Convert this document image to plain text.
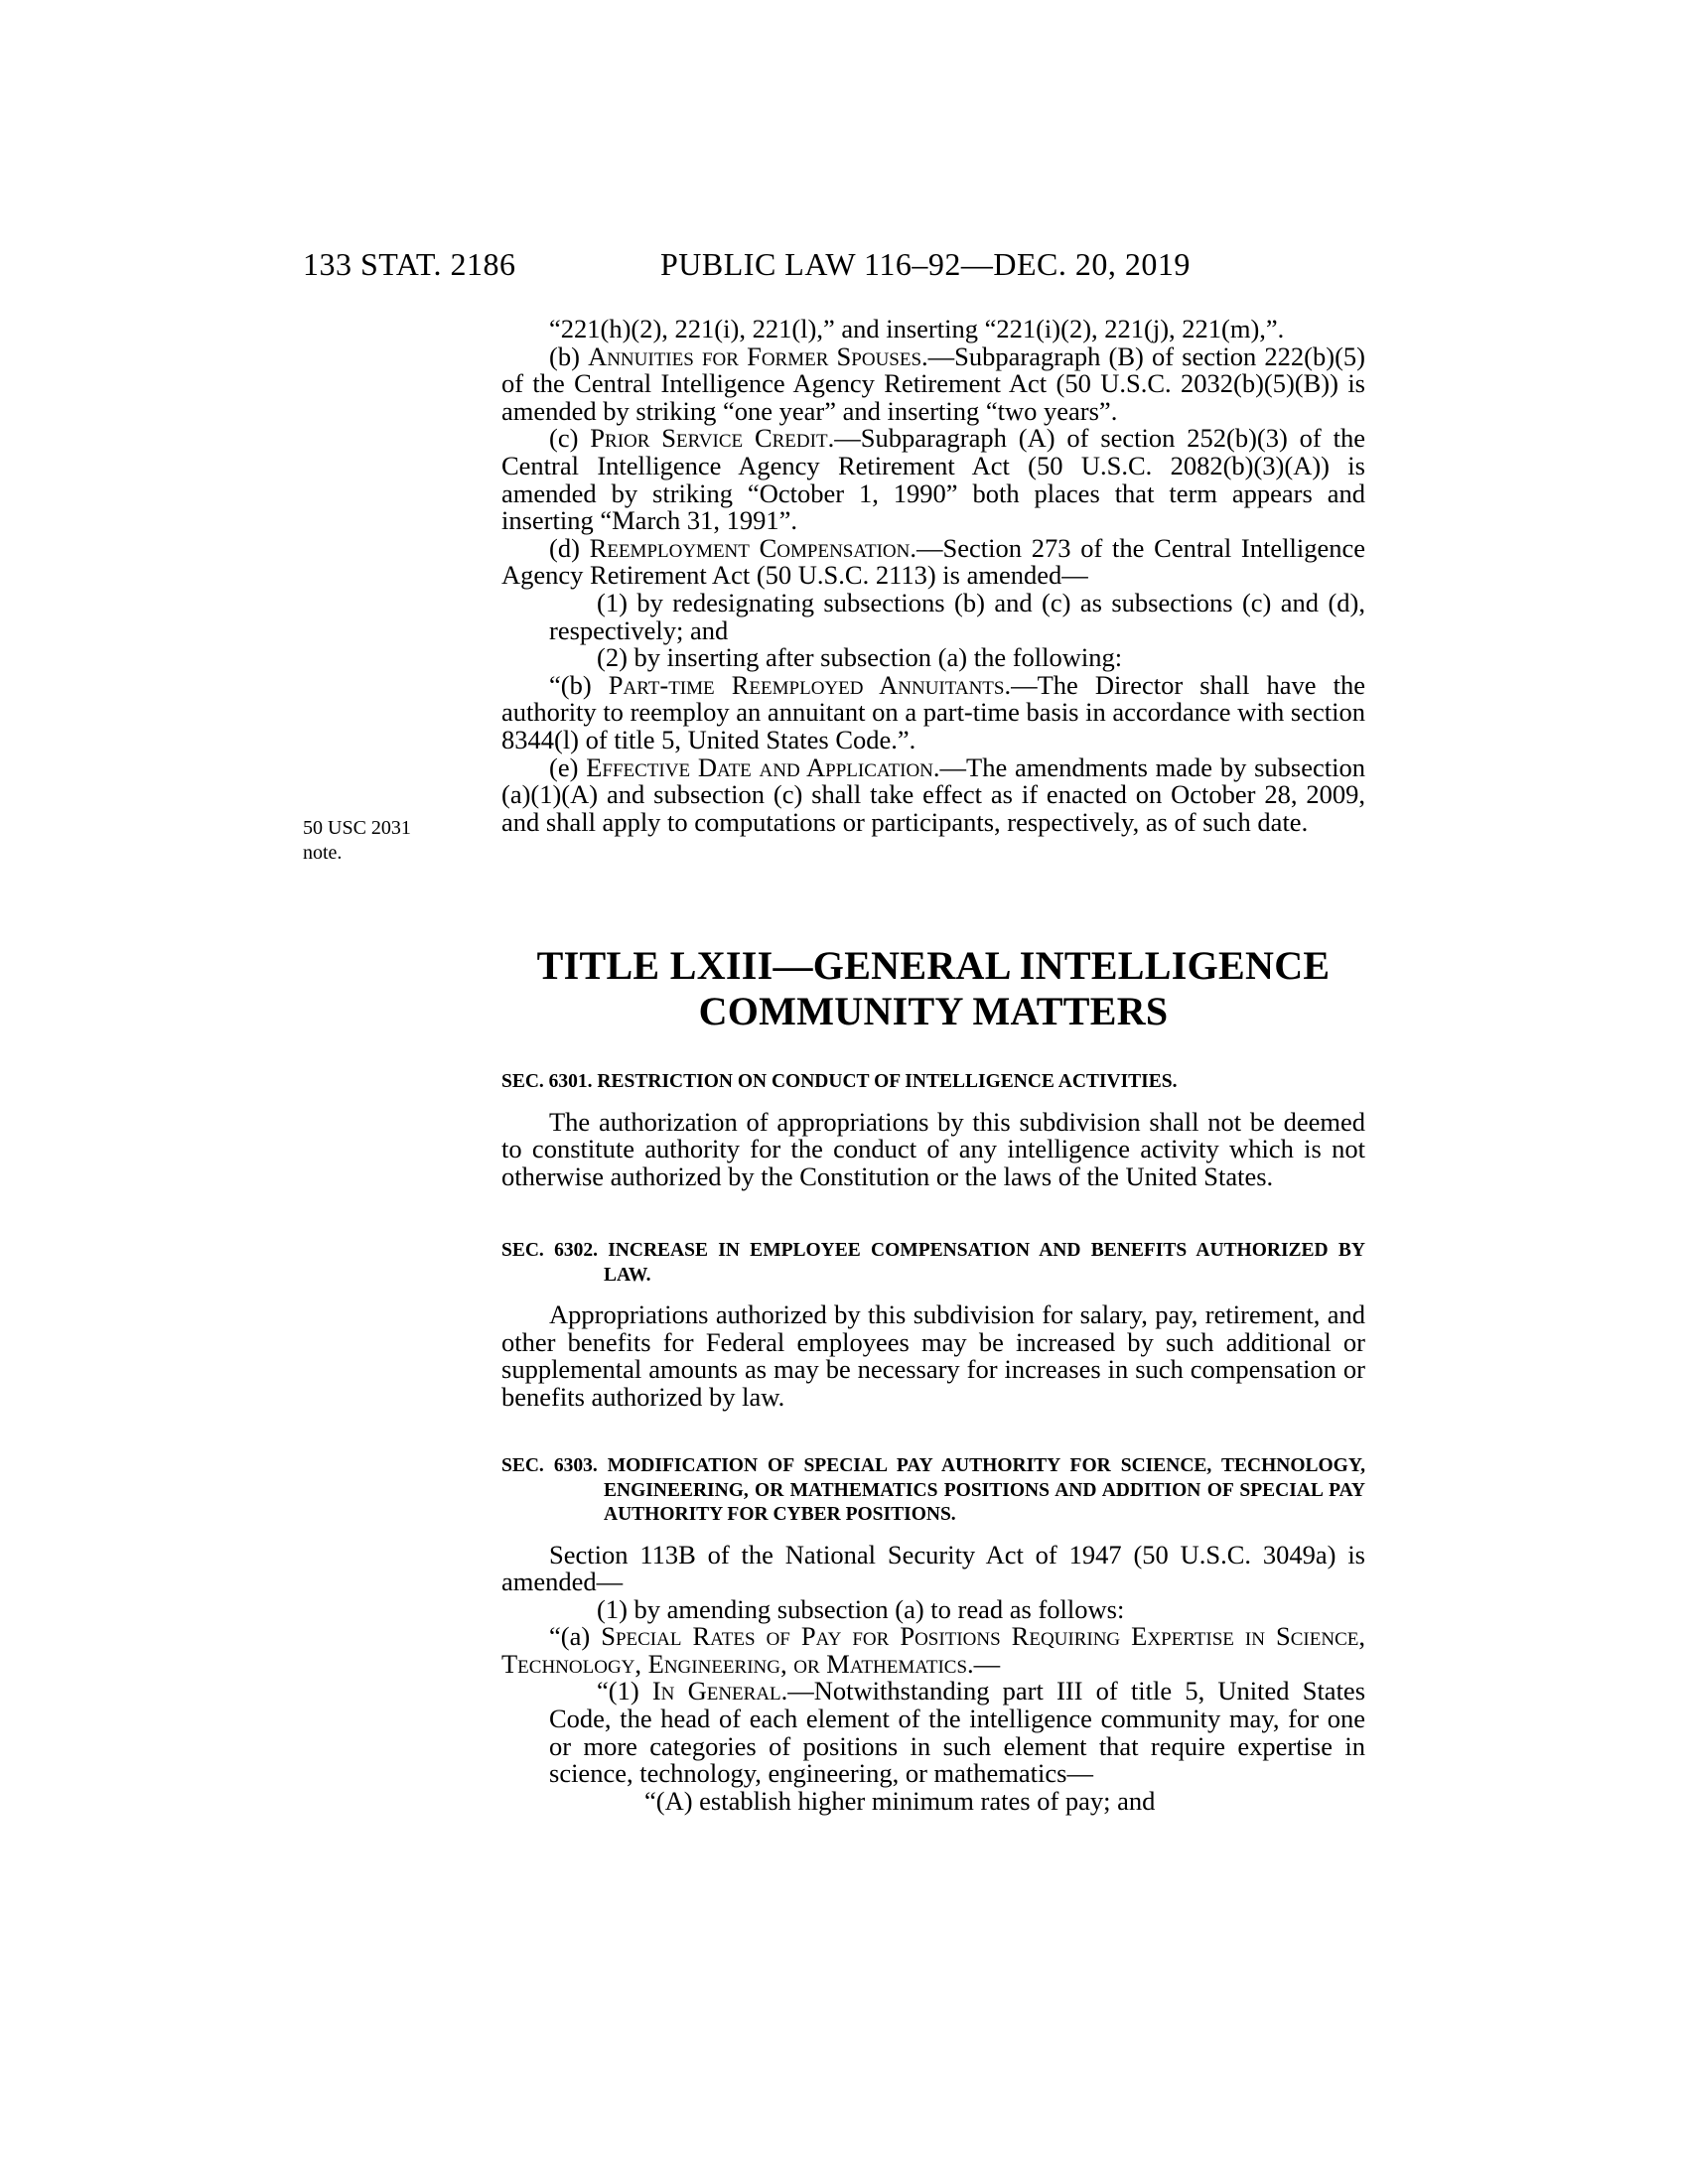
133 STAT. 2186	PUBLIC LAW 116–92—DEC. 20, 2019
50 USC 2031
note.

“221(h)(2), 221(i), 221(l),” and inserting “221(i)(2), 221(j), 221(m),”.

(b) Annuities for Former Spouses.—Subparagraph (B) of section 222(b)(5) of the Central Intelligence Agency Retirement Act (50 U.S.C. 2032(b)(5)(B)) is amended by striking “one year” and inserting “two years”.

(c) Prior Service Credit.—Subparagraph (A) of section 252(b)(3) of the Central Intelligence Agency Retirement Act (50 U.S.C. 2082(b)(3)(A)) is amended by striking “October 1, 1990” both places that term appears and inserting “March 31, 1991”.

(d) Reemployment Compensation.—Section 273 of the Central Intelligence Agency Retirement Act (50 U.S.C. 2113) is amended—

(1) by redesignating subsections (b) and (c) as subsections (c) and (d), respectively; and

(2) by inserting after subsection (a) the following:

“(b) Part-time Reemployed Annuitants.—The Director shall have the authority to reemploy an annuitant on a part-time basis in accordance with section 8344(l) of title 5, United States Code.”.

(e) Effective Date and Application.—The amendments made by subsection (a)(1)(A) and subsection (c) shall take effect as if enacted on October 28, 2009, and shall apply to computations or participants, respectively, as of such date.

TITLE LXIII—GENERAL INTELLIGENCE
COMMUNITY MATTERS

SEC. 6301. RESTRICTION ON CONDUCT OF INTELLIGENCE ACTIVITIES.

The authorization of appropriations by this subdivision shall not be deemed to constitute authority for the conduct of any intelligence activity which is not otherwise authorized by the Constitution or the laws of the United States.

SEC. 6302. INCREASE IN EMPLOYEE COMPENSATION AND BENEFITS AUTHORIZED BY LAW.

Appropriations authorized by this subdivision for salary, pay, retirement, and other benefits for Federal employees may be increased by such additional or supplemental amounts as may be necessary for increases in such compensation or benefits authorized by law.

SEC. 6303. MODIFICATION OF SPECIAL PAY AUTHORITY FOR SCIENCE, TECHNOLOGY, ENGINEERING, OR MATHEMATICS POSITIONS AND ADDITION OF SPECIAL PAY AUTHORITY FOR CYBER POSITIONS.

Section 113B of the National Security Act of 1947 (50 U.S.C. 3049a) is amended—

(1) by amending subsection (a) to read as follows:

“(a) Special Rates of Pay for Positions Requiring Expertise in Science, Technology, Engineering, or Mathematics.—

“(1) In General.—Notwithstanding part III of title 5, United States Code, the head of each element of the intelligence community may, for one or more categories of positions in such element that require expertise in science, technology, engineering, or mathematics—

“(A) establish higher minimum rates of pay; and
